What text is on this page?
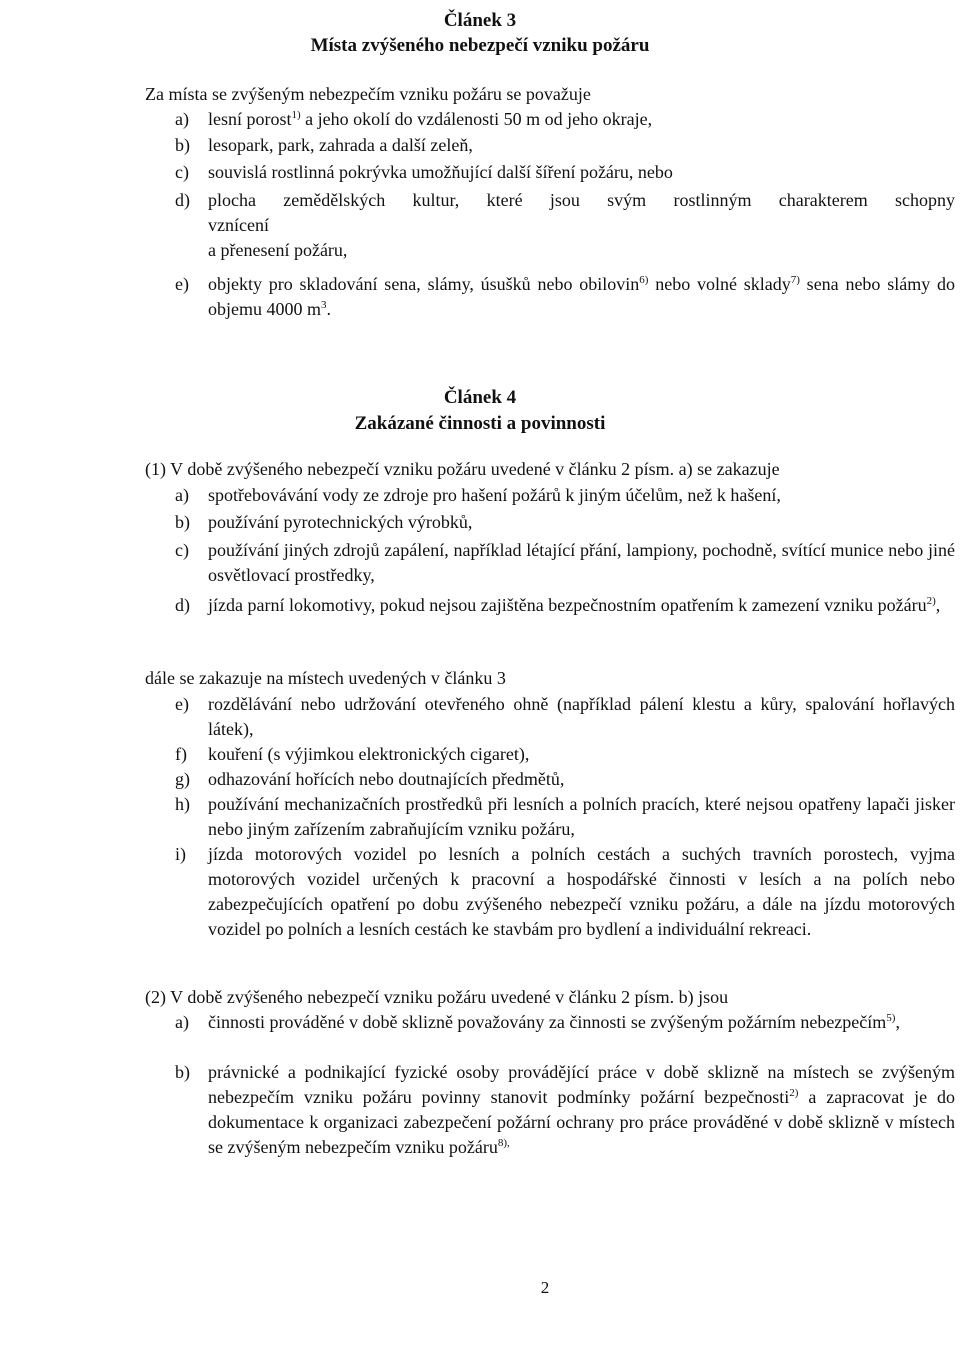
Článek 3
Místa zvýšeného nebezpečí vzniku požáru
Za místa se zvýšeným nebezpečím vzniku požáru se považuje
a)	lesní porost$^{1)}$ a jeho okolí do vzdálenosti 50 m od jeho okraje,
b)	lesopark, park, zahrada a další zeleň,
c)	souvislá rostlinná pokrývka umožňující další šíření požáru, nebo
d)	plocha zemědělských kultur, které jsou svým rostlinným charakterem schopny
vznícení
a přenesení požáru,
e)	objekty pro skladování sena, slámy, úsušků nebo obilovin$^{6)}$ nebo volné sklady$^{7)}$ sena nebo slámy do objemu 4000 $m^3$.
Článek 4
Zakázané činnosti a povinnosti
(1) V době zvýšeného nebezpečí vzniku požáru uvedené v článku 2 písm. a) se zakazuje
a)	spotřebovávání vody ze zdroje pro hašení požárů k jiným účelům, než k hašení,
b)	používání pyrotechnických výrobků,
c)	používání jiných zdrojů zapálení, například létající přání, lampiony, pochodně, svítící munice nebo jiné osvětlovací prostředky,
d)	jízda parní lokomotivy, pokud nejsou zajištěna bezpečnostním opatřením k zamezení vzniku požáru$^{2)}$,
dále se zakazuje na místech uvedených v článku 3
e)	rozdělávání nebo udržování otevřeného ohně (například pálení klestu a kůry, spalování hořlavých látek),
f)	kouření (s výjimkou elektronických cigaret),
g)	odhazování hořících nebo doutnajících předmětů,
h)	používání mechanizačních prostředků při lesních a polních pracích, které nejsou opatřeny lapači jisker nebo jiným zařízením zabraňujícím vzniku požáru,
i)	jízda motorových vozidel po lesních a polních cestách a suchých travních porostech, vyjma motorových vozidel určených k pracovní a hospodářské činnosti v lesích a na polích nebo zabezpečujících opatření po dobu zvýšeného nebezpečí vzniku požáru, a dále na jízdu motorových vozidel po polních a lesních cestách ke stavbám pro bydlení a individuální rekreaci.
(2) V době zvýšeného nebezpečí vzniku požáru uvedené v článku 2 písm. b) jsou
a)	činnosti prováděné v době sklizně považovány za činnosti se zvýšeným požárním nebezpečím$^{5)}$,
b)	právnické a podnikající fyzické osoby provádějící práce v době sklizně na místech se zvýšeným nebezpečím vzniku požáru povinny stanovit podmínky požární bezpečnosti$^{2)}$ a zapracovat je do dokumentace k organizaci zabezpečení požární ochrany pro práce prováděné v době sklizně v místech se zvýšeným nebezpečím vzniku požáru$^{8),}$
2
